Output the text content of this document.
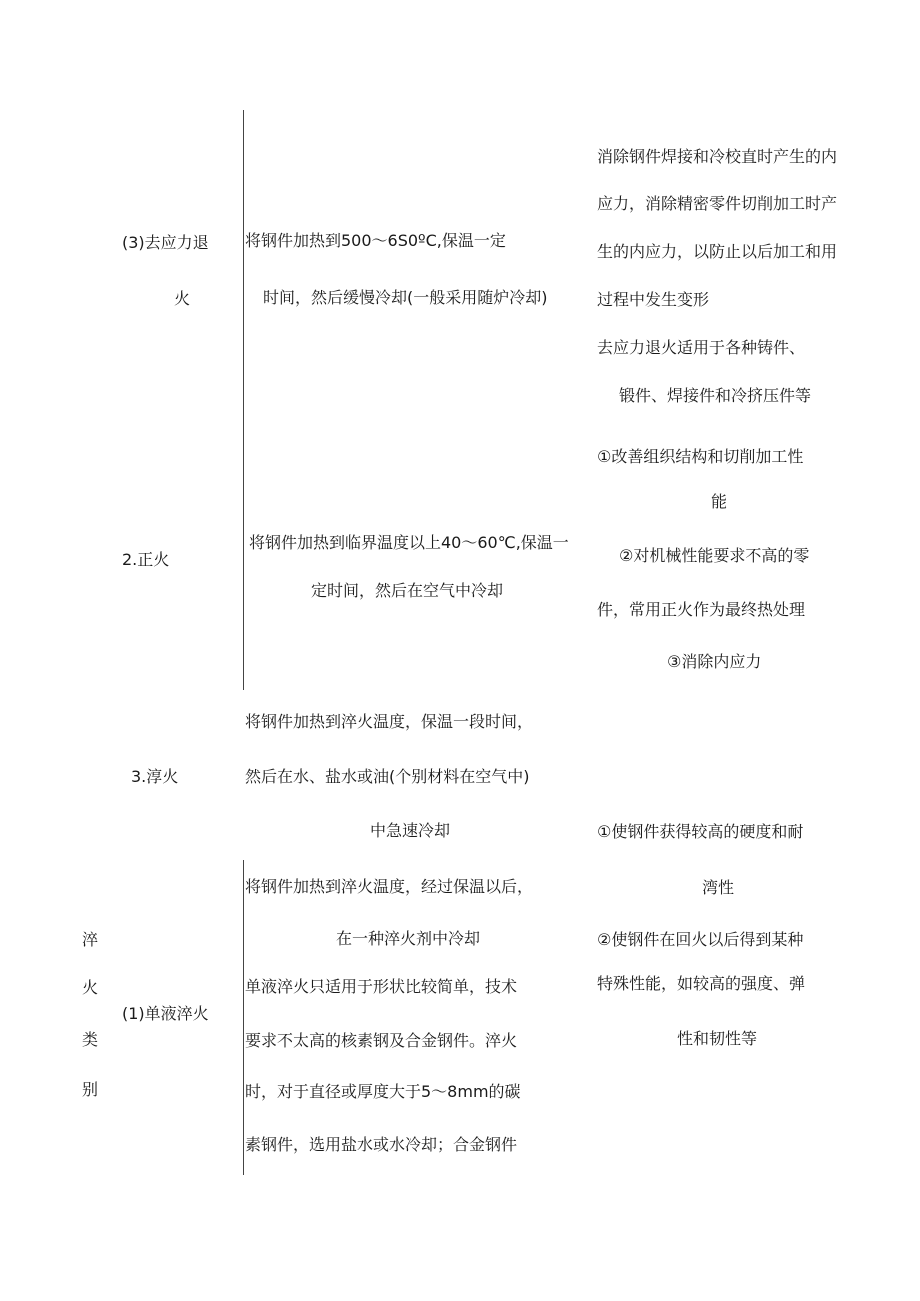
(3)去应力退
火
将钢件加热到500～6S0ºC,保温一定
时间，然后缓慢冷却(一般采用随炉冷却)
消除钢件焊接和冷校直时产生的内
应力，消除精密零件切削加工时产
生的内应力，以防止以后加工和用
过程中发生变形
去应力退火适用于各种铸件、
锻件、焊接件和冷挤压件等
2.正火
将钢件加热到临界温度以上40～60℃,保温一
定时间，然后在空气中冷却
①改善组织结构和切削加工性
能
②对机械性能要求不高的零
件，常用正火作为最终热处理
③消除内应力
3.淳火
将钢件加热到淬火温度，保温一段时间，
然后在水、盐水或油(个别材料在空气中)
中急速冷却	①使钢件获得较高的硬度和耐
湾性
②使钢件在回火以后得到某种
特殊性能，如较高的强度、弹
性和韧性等
淬
火
类
别
(1)单液淬火
将钢件加热到淬火温度，经过保温以后，
在一种淬火剂中冷却
单液淬火只适用于形状比较简单，技术
要求不太高的核素钢及合金钢件。淬火
时，对于直径或厚度大于5～8mm的碳
素钢件，选用盐水或水冷却；合金钢件
